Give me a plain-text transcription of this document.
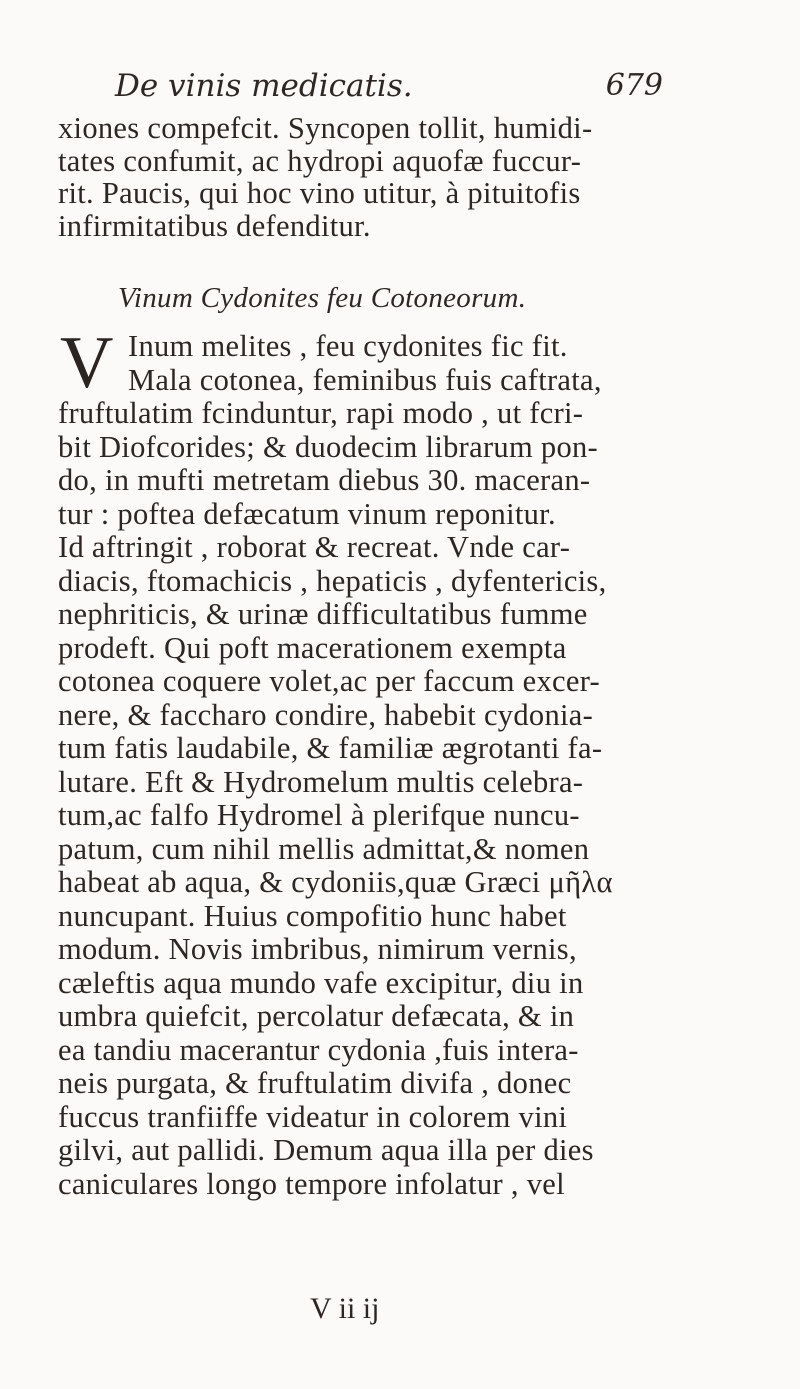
De vinis medicatis.	679
xiones compefcit. Syncopen tollit, humidi-
tates confumit, ac hydropi aquofæ fuccur-
rit. Paucis, qui hoc vino utitur, à pituitofis
infirmitatibus defenditur.
Vinum Cydonites feu Cotoneorum.
V Inum melites , feu cydonites fic fit.
Mala cotonea, feminibus fuis caftrata,
fruftulatim fcinduntur, rapi modo , ut fcri-
bit Diofcorides; & duodecim librarum pon-
do, in mufti metretam diebus 30. maceran-
tur : poftea defæcatum vinum reponitur.
Id aftringit , roborat & recreat. Vnde car-
diacis, ftomachicis , hepaticis , dyfentericis,
nephriticis, & urinæ difficultatibus fumme
prodeft. Qui poft macerationem exempta
cotonea coquere volet,ac per faccum excer-
nere, & faccharo condire, habebit cydonia-
tum fatis laudabile, & familiæ ægrotanti fa-
lutare. Eft & Hydromelum multis celebra-
tum,ac falfo Hydromel à plerifque nuncu-
patum, cum nihil mellis admittat,& nomen
habeat ab aqua, & cydoniis,quæ Græci μῆλα
nuncupant. Huius compofitio hunc habet
modum. Novis imbribus, nimirum vernis,
cæleftis aqua mundo vafe excipitur, diu in
umbra quiefcit, percolatur defæcata, & in
ea tandiu macerantur cydonia ,fuis intera-
neis purgata, & fruftulatim divifa , donec
fuccus tranfiiffe videatur in colorem vini
gilvi, aut pallidi. Demum aqua illa per dies
caniculares longo tempore infolatur , vel
V ii ij
